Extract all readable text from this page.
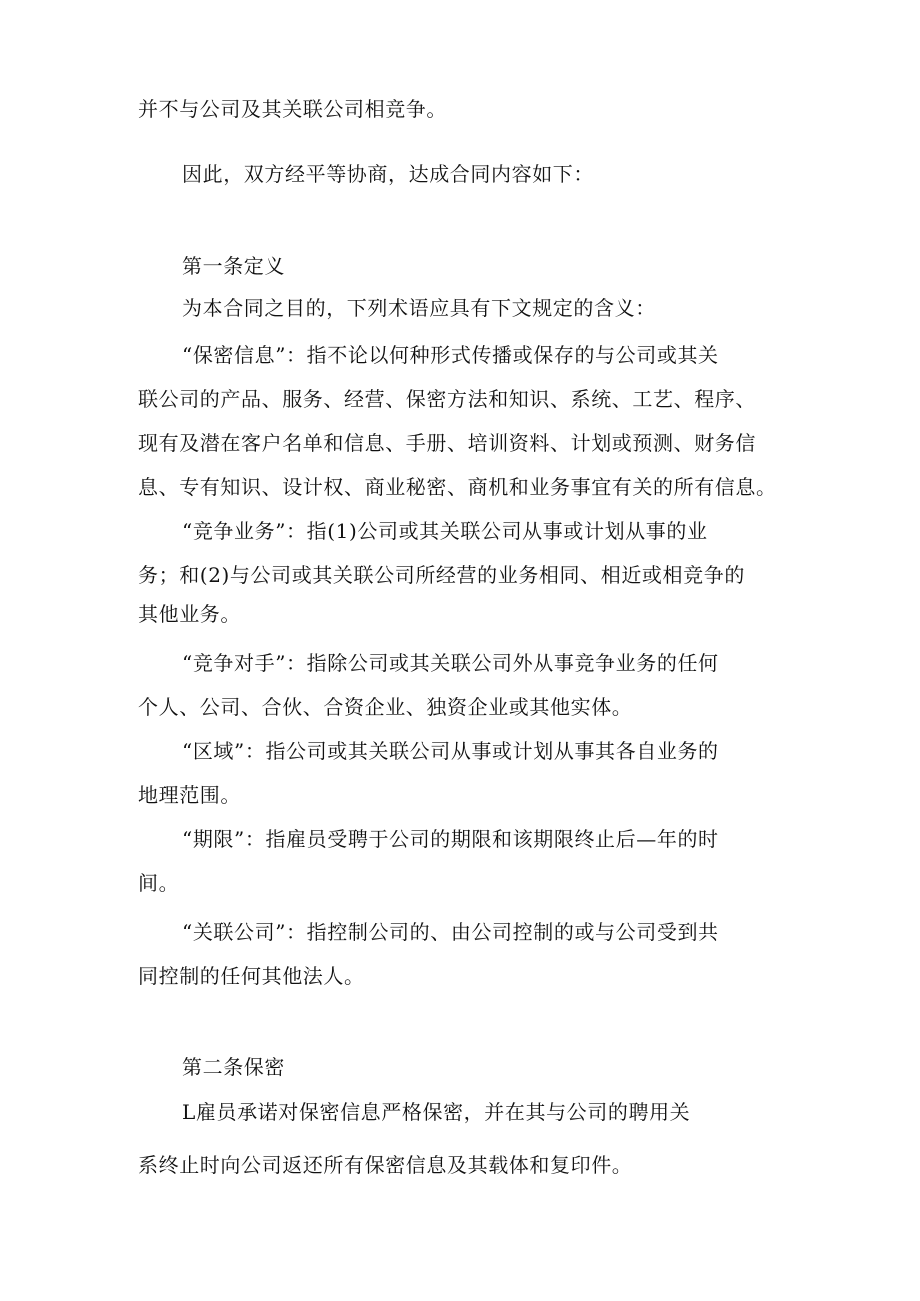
并不与公司及其关联公司相竞争。
因此，双方经平等协商，达成合同内容如下：
第一条定义
为本合同之目的，下列术语应具有下文规定的含义：
“保密信息”：指不论以何种形式传播或保存的与公司或其关
联公司的产品、服务、经营、保密方法和知识、系统、工艺、程序、
现有及潜在客户名单和信息、手册、培训资料、计划或预测、财务信
息、专有知识、设计权、商业秘密、商机和业务事宜有关的所有信息。
“竞争业务”：指(1)公司或其关联公司从事或计划从事的业
务；和(2)与公司或其关联公司所经营的业务相同、相近或相竞争的
其他业务。
“竞争对手”：指除公司或其关联公司外从事竞争业务的任何
个人、公司、合伙、合资企业、独资企业或其他实体。
“区域”：指公司或其关联公司从事或计划从事其各自业务的
地理范围。
“期限”：指雇员受聘于公司的期限和该期限终止后—年的时
间。
“关联公司”：指控制公司的、由公司控制的或与公司受到共
同控制的任何其他法人。
第二条保密
L雇员承诺对保密信息严格保密，并在其与公司的聘用关
系终止时向公司返还所有保密信息及其载体和复印件。
